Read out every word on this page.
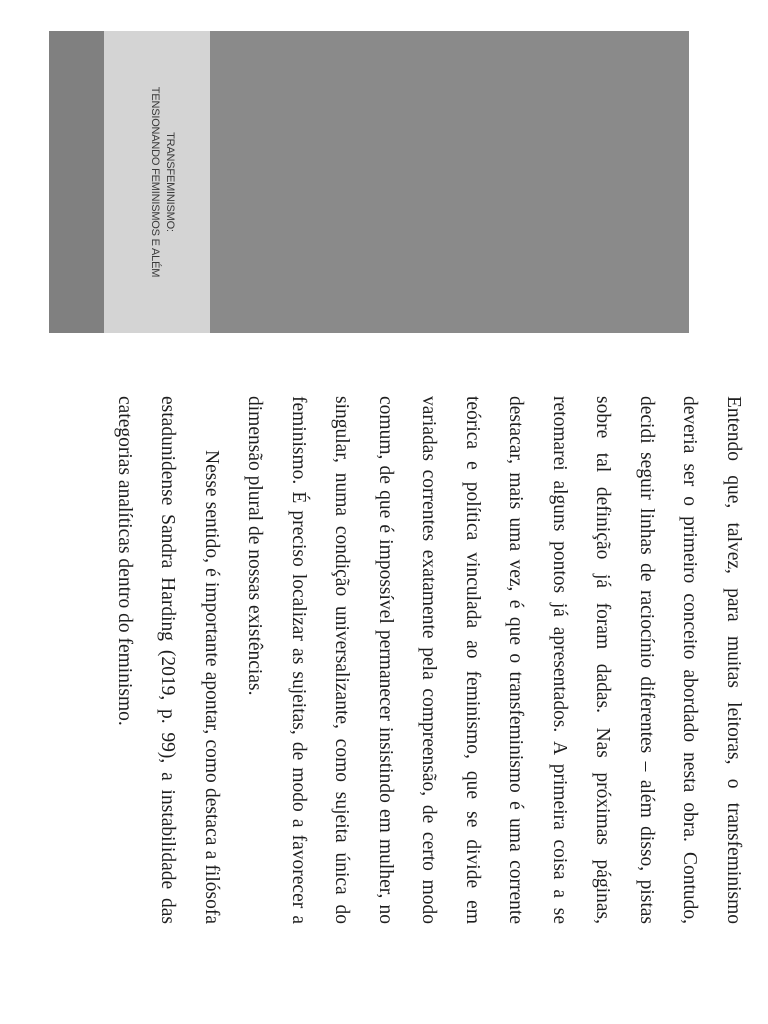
TRANSFEMINISMO:
TENSIONANDO FEMINISMOS E ALÉM
Entendo que, talvez, para muitas leitoras, o transfeminismo
deveria ser o primeiro conceito abordado nesta obra. Contudo,
decidi seguir linhas de raciocínio diferentes – além disso, pistas
sobre tal definição já foram dadas. Nas próximas páginas,
retomarei alguns pontos já apresentados. A primeira coisa a se
destacar, mais uma vez, é que o transfeminismo é uma corrente
teórica e política vinculada ao feminismo, que se divide em
variadas correntes exatamente pela compreensão, de certo modo
comum, de que é impossível permanecer insistindo em mulher, no
singular, numa condição universalizante, como sujeita única do
feminismo. É preciso localizar as sujeitas, de modo a favorecer a
dimensão plural de nossas existências.
Nesse sentido, é importante apontar, como destaca a filósofa
estadunidense Sandra Harding (2019, p. 99), a instabilidade das
categorias analíticas dentro do feminismo.
